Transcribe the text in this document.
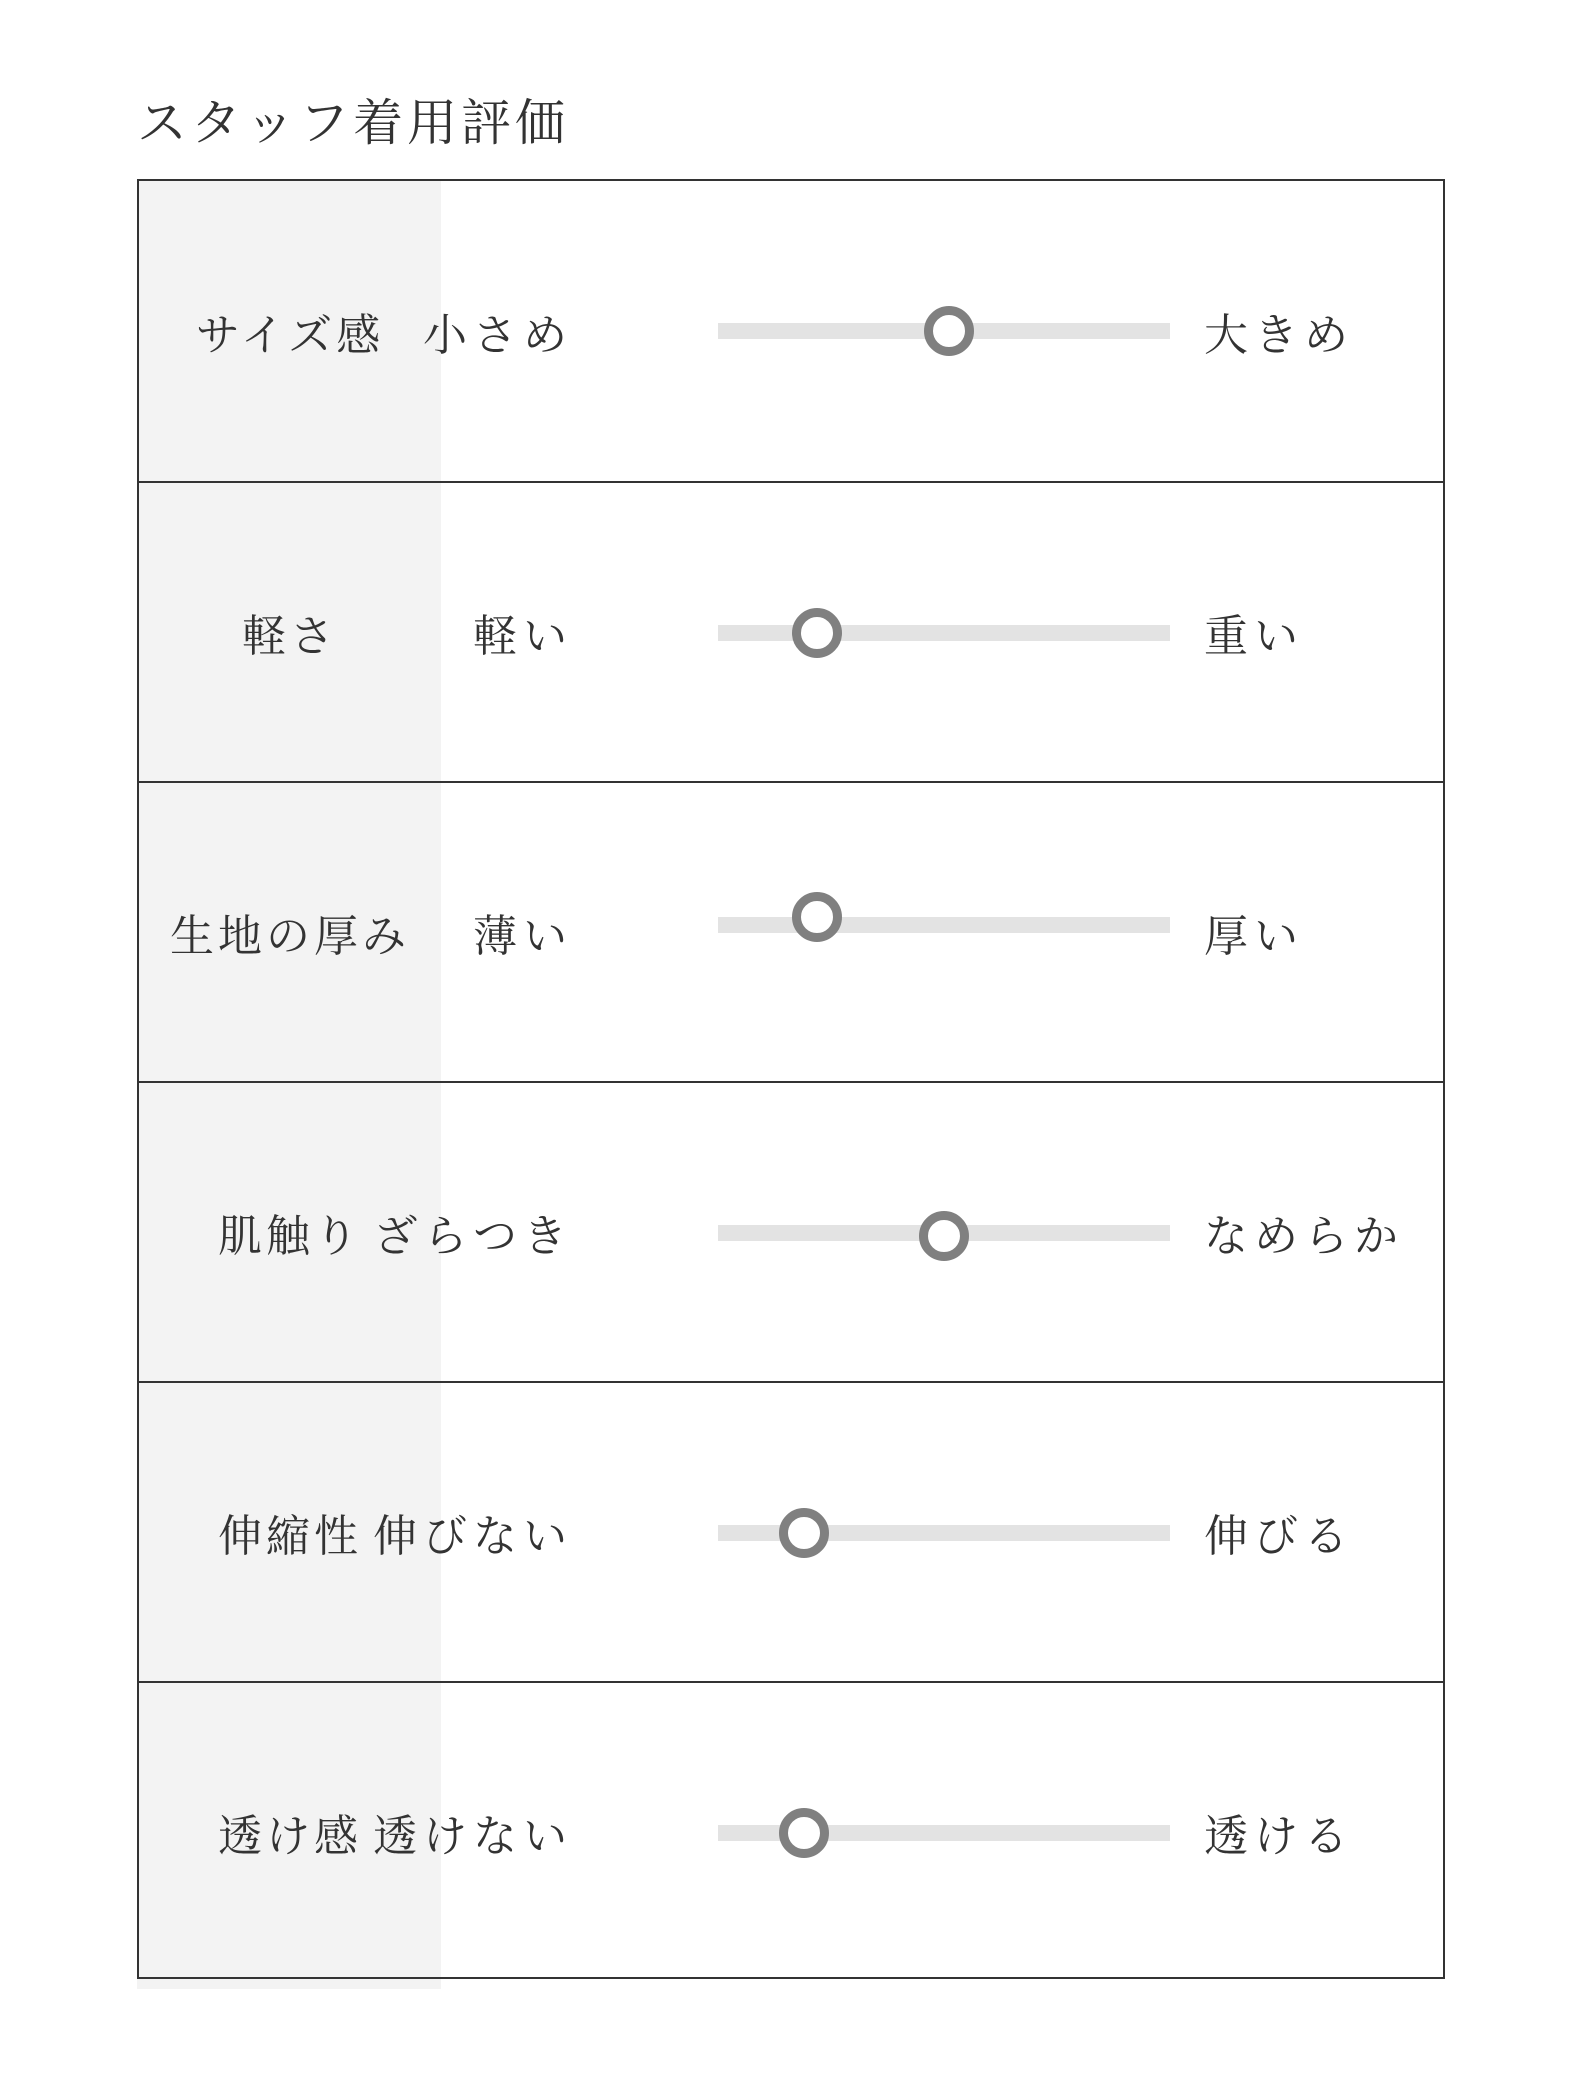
スタッフ着用評価
サイズ感 小さめ	大きめ
軽さ	軽い	重い
生地の厚み	薄い	厚い
肌触り ざらつき	なめらか
伸縮性 伸びない	伸びる
透け感 透けない	透ける
